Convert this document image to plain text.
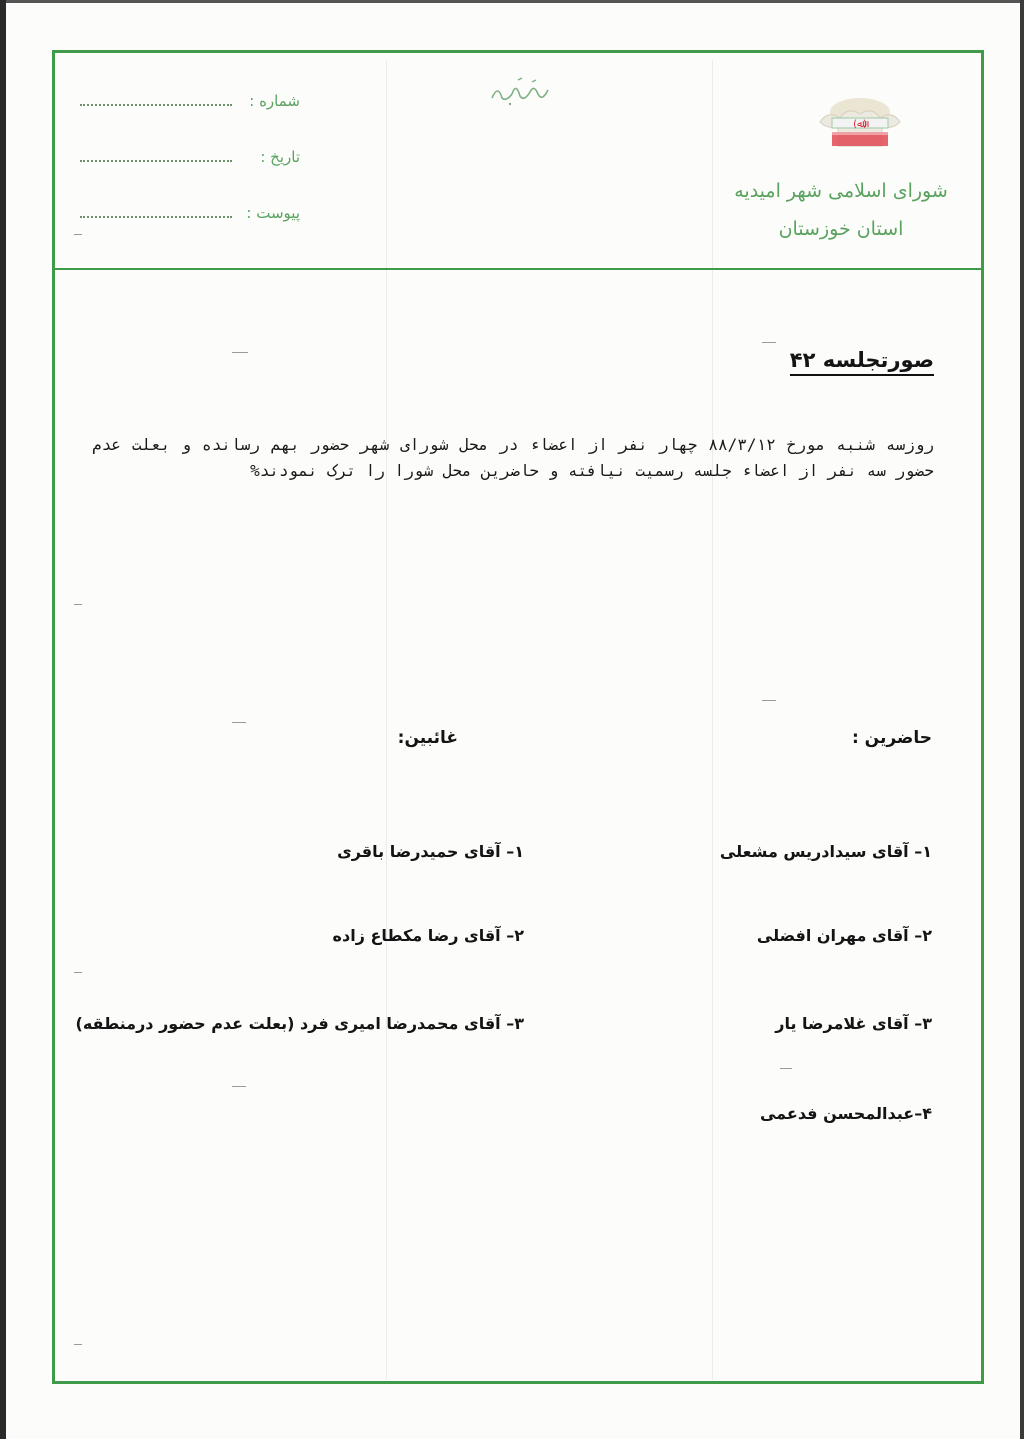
(ﷲ)
شورای اسلامی شهر امیدیه
استان خوزستان
شماره :
تاریخ :
پیوست :
صورتجلسه ۴۲
روزسه شنبه مورخ ۸۸/۳/۱۲ چهار نفر از اعضاء در محل شورای شهر حضور بهم رسانده و بعلت عدم حضور سه نفر از اعضاء جلسه رسمیت نیافته و حاضرین محل شورا را ترک نمودند%
حاضرین :
غائبین:
۱– آقای سیدادریس مشعلی
۲– آقای مهران افضلی
۳– آقای غلامرضا یار
۴–عبدالمحسن فدعمی
۱– آقای حمیدرضا باقری
۲– آقای رضا مکطاع زاده
۳– آقای محمدرضا امیری فرد (بعلت عدم حضور درمنطقه)
